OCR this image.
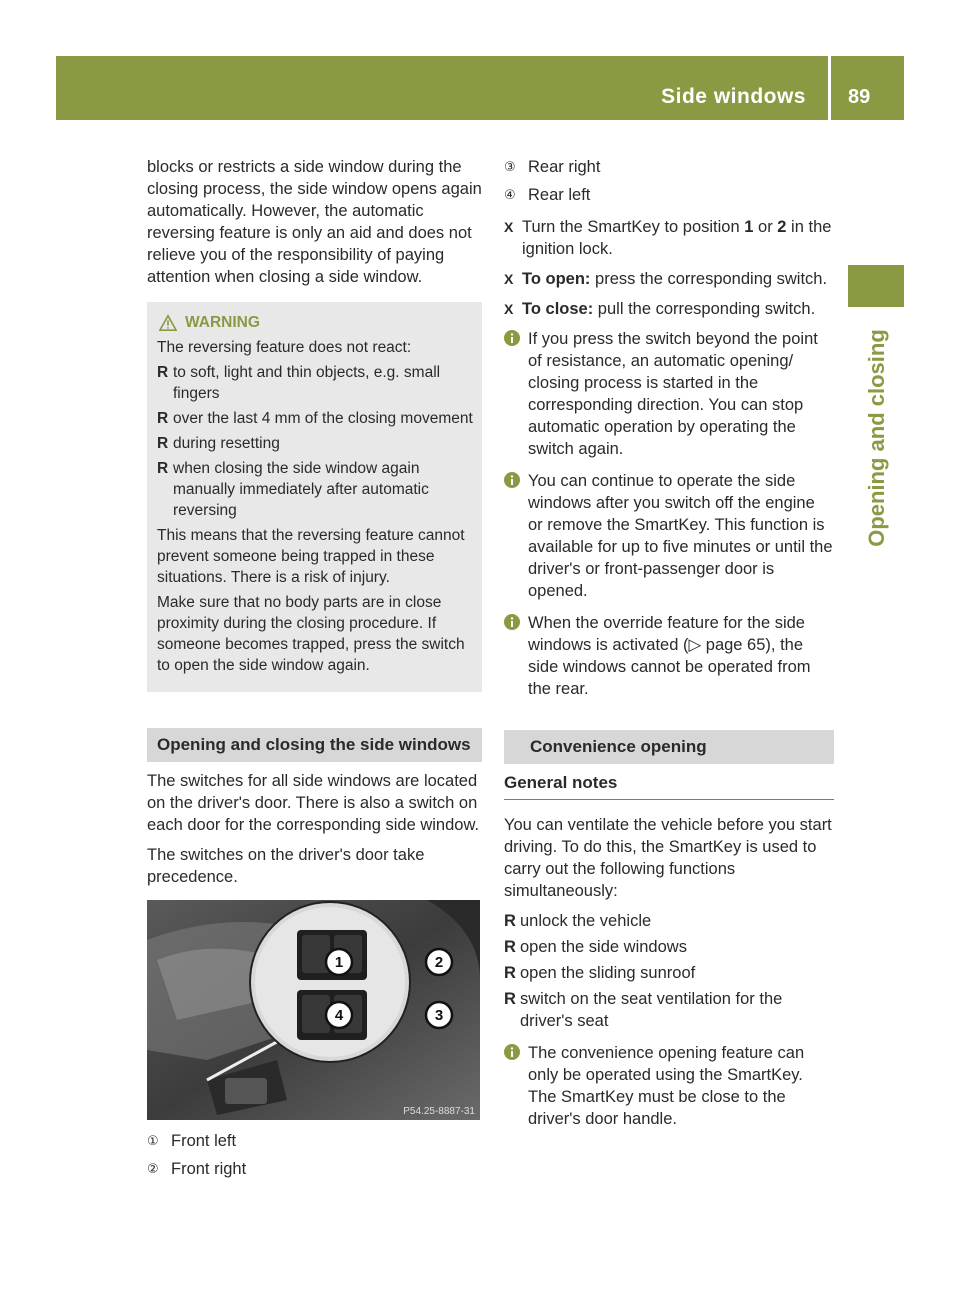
Side windows 89
Opening and closing

blocks or restricts a side window during the closing process, the side window opens again automatically. However, the automatic reversing feature is only an aid and does not relieve you of the responsibility of paying attention when closing a side window.

WARNING

The reversing feature does not react:

R to soft, light and thin objects, e.g. small fingers
R over the last 4 mm of the closing movement
R during resetting
R when closing the side window again manually immediately after automatic reversing

This means that the reversing feature cannot prevent someone being trapped in these situations. There is a risk of injury.

Make sure that no body parts are in close proximity during the closing procedure. If someone becomes trapped, press the switch to open the side window again.

Opening and closing the side windows

The switches for all side windows are located on the driver's door. There is also a switch on each door for the corresponding side window.

The switches on the driver's door take precedence.

1	2
3
4
P54.25-8887-31
① Front left
② Front right
③ Rear right
④ Rear left
X Turn the SmartKey to position 1 or 2 in the ignition lock.
X To open: press the corresponding switch.
X To close: pull the corresponding switch.
If you press the switch beyond the point of resistance, an automatic opening/ closing process is started in the corresponding direction. You can stop automatic operation by operating the switch again.
You can continue to operate the side windows after you switch off the engine or remove the SmartKey. This function is available for up to five minutes or until the driver's or front-passenger door is opened.
When the override feature for the side windows is activated (▷ page 65), the side windows cannot be operated from the rear.
Convenience opening
General notes

You can ventilate the vehicle before you start driving. To do this, the SmartKey is used to carry out the following functions simultaneously:

R unlock the vehicle
R open the side windows
R open the sliding sunroof
R switch on the seat ventilation for the driver's seat
The convenience opening feature can only be operated using the SmartKey. The SmartKey must be close to the driver's door handle.
